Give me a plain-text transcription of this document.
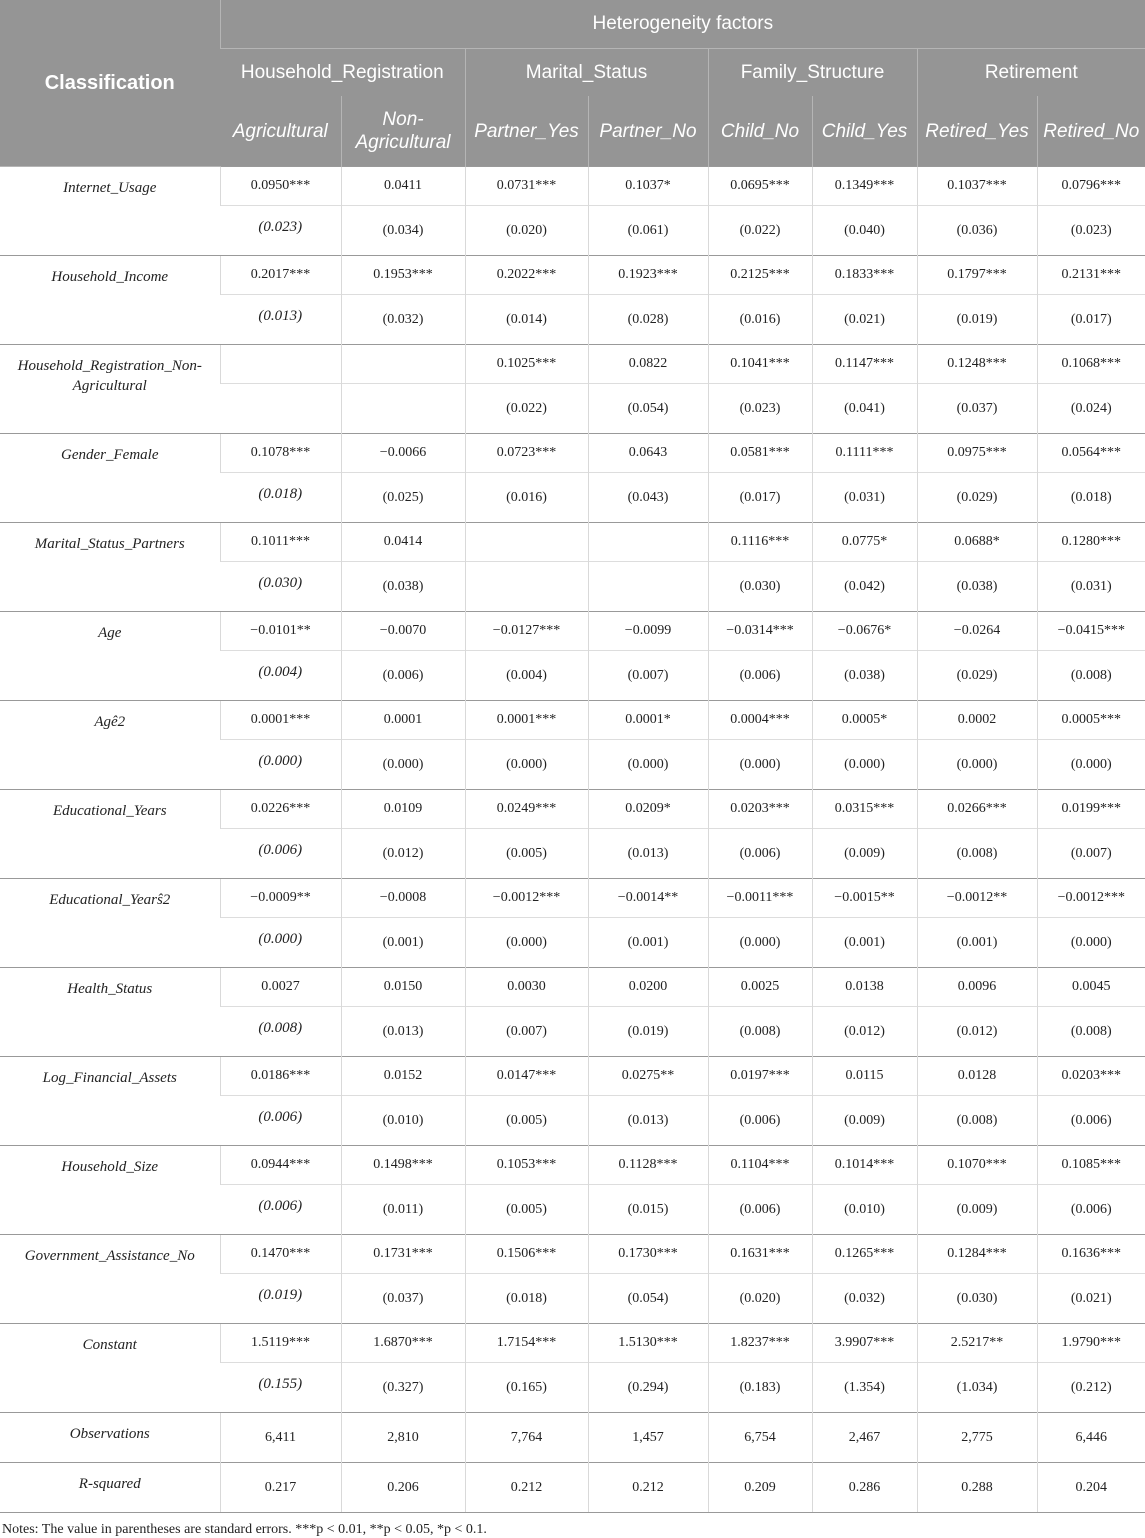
Classification	Heterogeneity factors							
	Household_Registration		Marital_Status		Family_Structure		Retirement	
	Agricultural	Non-Agricultural	Partner_Yes	Partner_No	Child_No	Child_Yes	Retired_Yes	Retired_No
Internet_Usage	0.0950***	0.0411	0.0731***	0.1037*	0.0695***	0.1349***	0.1037***	0.0796***
	(0.023)	(0.034)	(0.020)	(0.061)	(0.022)	(0.040)	(0.036)	(0.023)
Household_Income	0.2017***	0.1953***	0.2022***	0.1923***	0.2125***	0.1833***	0.1797***	0.2131***
	(0.013)	(0.032)	(0.014)	(0.028)	(0.016)	(0.021)	(0.019)	(0.017)
Household_Registration_Non-Agricultural			0.1025***	0.0822	0.1041***	0.1147***	0.1248***	0.1068***
			(0.022)	(0.054)	(0.023)	(0.041)	(0.037)	(0.024)
Gender_Female	0.1078***	−0.0066	0.0723***	0.0643	0.0581***	0.1111***	0.0975***	0.0564***
	(0.018)	(0.025)	(0.016)	(0.043)	(0.017)	(0.031)	(0.029)	(0.018)
Marital_Status_Partners	0.1011***	0.0414			0.1116***	0.0775*	0.0688*	0.1280***
	(0.030)	(0.038)			(0.030)	(0.042)	(0.038)	(0.031)
Age	−0.0101**	−0.0070	−0.0127***	−0.0099	−0.0314***	−0.0676*	−0.0264	−0.0415***
	(0.004)	(0.006)	(0.004)	(0.007)	(0.006)	(0.038)	(0.029)	(0.008)
Agê2	0.0001***	0.0001	0.0001***	0.0001*	0.0004***	0.0005*	0.0002	0.0005***
	(0.000)	(0.000)	(0.000)	(0.000)	(0.000)	(0.000)	(0.000)	(0.000)
Educational_Years	0.0226***	0.0109	0.0249***	0.0209*	0.0203***	0.0315***	0.0266***	0.0199***
	(0.006)	(0.012)	(0.005)	(0.013)	(0.006)	(0.009)	(0.008)	(0.007)
Educational_Yearŝ2	−0.0009**	−0.0008	−0.0012***	−0.0014**	−0.0011***	−0.0015**	−0.0012**	−0.0012***
	(0.000)	(0.001)	(0.000)	(0.001)	(0.000)	(0.001)	(0.001)	(0.000)
Health_Status	0.0027	0.0150	0.0030	0.0200	0.0025	0.0138	0.0096	0.0045
	(0.008)	(0.013)	(0.007)	(0.019)	(0.008)	(0.012)	(0.012)	(0.008)
Log_Financial_Assets	0.0186***	0.0152	0.0147***	0.0275**	0.0197***	0.0115	0.0128	0.0203***
	(0.006)	(0.010)	(0.005)	(0.013)	(0.006)	(0.009)	(0.008)	(0.006)
Household_Size	0.0944***	0.1498***	0.1053***	0.1128***	0.1104***	0.1014***	0.1070***	0.1085***
	(0.006)	(0.011)	(0.005)	(0.015)	(0.006)	(0.010)	(0.009)	(0.006)
Government_Assistance_No	0.1470***	0.1731***	0.1506***	0.1730***	0.1631***	0.1265***	0.1284***	0.1636***
	(0.019)	(0.037)	(0.018)	(0.054)	(0.020)	(0.032)	(0.030)	(0.021)
Constant	1.5119***	1.6870***	1.7154***	1.5130***	1.8237***	3.9907***	2.5217**	1.9790***
	(0.155)	(0.327)	(0.165)	(0.294)	(0.183)	(1.354)	(1.034)	(0.212)
Observations	6,411	2,810	7,764	1,457	6,754	2,467	2,775	6,446
R-squared	0.217	0.206	0.212	0.212	0.209	0.286	0.288	0.204
Notes: The value in parentheses are standard errors. ***p < 0.01, **p < 0.05, *p < 0.1.
